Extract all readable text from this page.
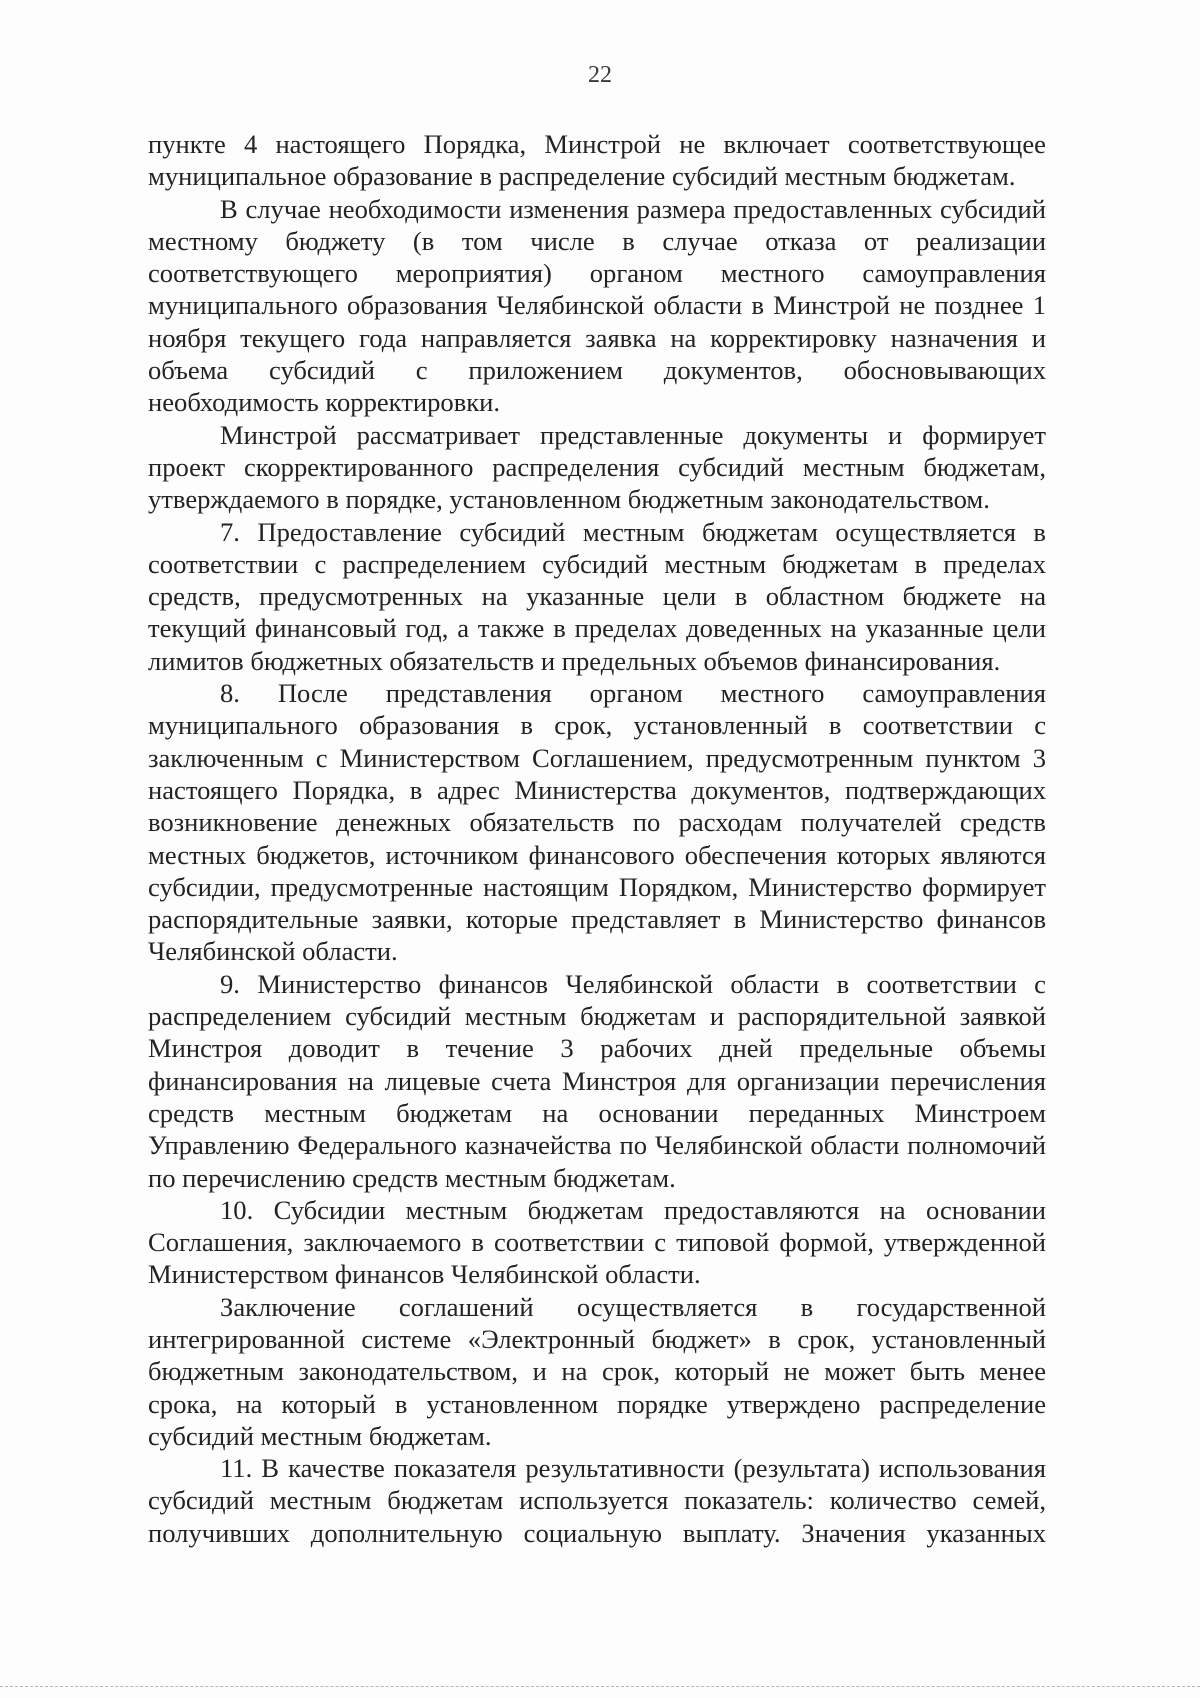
22

пункте 4 настоящего Порядка, Минстрой не включает соответствующее муниципальное образование в распределение субсидий местным бюджетам.

В случае необходимости изменения размера предоставленных субсидий местному бюджету (в том числе в случае отказа от реализации соответствующего мероприятия) органом местного самоуправления муниципального образования Челябинской области в Минстрой не позднее 1 ноября текущего года направляется заявка на корректировку назначения и объема субсидий с приложением документов, обосновывающих необходимость корректировки.

Минстрой рассматривает представленные документы и формирует проект скорректированного распределения субсидий местным бюджетам, утверждаемого в порядке, установленном бюджетным законодательством.

7. Предоставление субсидий местным бюджетам осуществляется в соответствии с распределением субсидий местным бюджетам в пределах средств, предусмотренных на указанные цели в областном бюджете на текущий финансовый год, а также в пределах доведенных на указанные цели лимитов бюджетных обязательств и предельных объемов финансирования.

8. После представления органом местного самоуправления муниципального образования в срок, установленный в соответствии с заключенным с Министерством Соглашением, предусмотренным пунктом 3 настоящего Порядка, в адрес Министерства документов, подтверждающих возникновение денежных обязательств по расходам получателей средств местных бюджетов, источником финансового обеспечения которых являются субсидии, предусмотренные настоящим Порядком, Министерство формирует распорядительные заявки, которые представляет в Министерство финансов Челябинской области.

9. Министерство финансов Челябинской области в соответствии с распределением субсидий местным бюджетам и распорядительной заявкой Минстроя доводит в течение 3 рабочих дней предельные объемы финансирования на лицевые счета Минстроя для организации перечисления средств местным бюджетам на основании переданных Минстроем Управлению Федерального казначейства по Челябинской области полномочий по перечислению средств местным бюджетам.

10. Субсидии местным бюджетам предоставляются на основании Соглашения, заключаемого в соответствии с типовой формой, утвержденной Министерством финансов Челябинской области.

Заключение соглашений осуществляется в государственной интегрированной системе «Электронный бюджет» в срок, установленный бюджетным законодательством, и на срок, который не может быть менее срока, на который в установленном порядке утверждено распределение субсидий местным бюджетам.

11. В качестве показателя результативности (результата) использования субсидий местным бюджетам используется показатель: количество семей, получивших дополнительную социальную выплату. Значения указанных
